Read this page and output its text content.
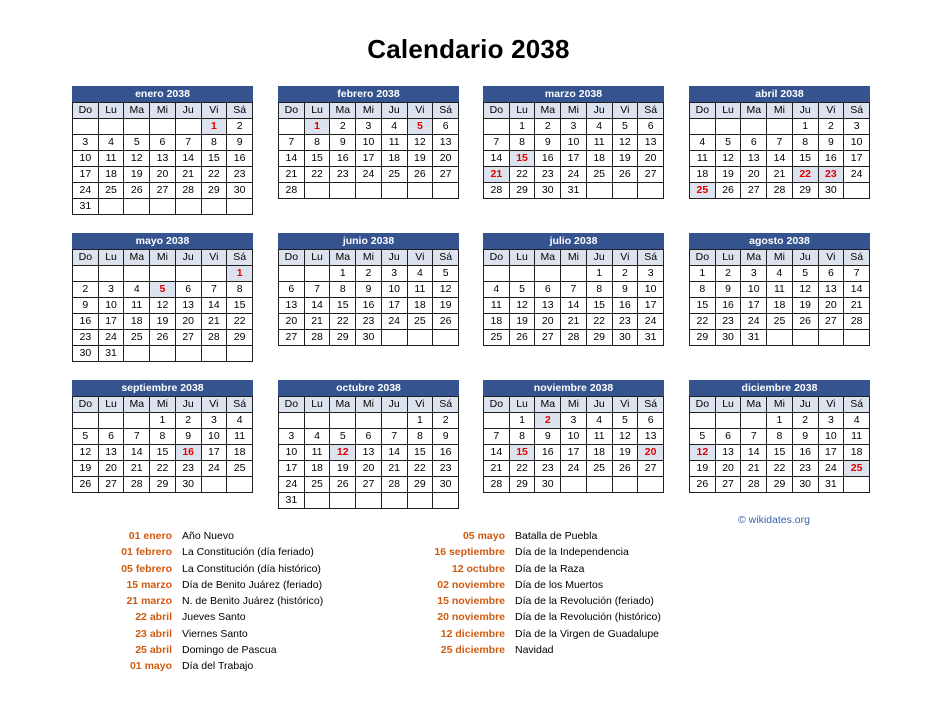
Calendario 2038
enero 2038
Do	Lu	Ma	Mi	Ju	Vi	Sá
					1	2
3	4	5	6	7	8	9
10	11	12	13	14	15	16
17	18	19	20	21	22	23
24	25	26	27	28	29	30
31						
febrero 2038
Do	Lu	Ma	Mi	Ju	Vi	Sá
	1	2	3	4	5	6
7	8	9	10	11	12	13
14	15	16	17	18	19	20
21	22	23	24	25	26	27
28						
marzo 2038
Do	Lu	Ma	Mi	Ju	Vi	Sá
	1	2	3	4	5	6
7	8	9	10	11	12	13
14	15	16	17	18	19	20
21	22	23	24	25	26	27
28	29	30	31			
abril 2038
Do	Lu	Ma	Mi	Ju	Vi	Sá
				1	2	3
4	5	6	7	8	9	10
11	12	13	14	15	16	17
18	19	20	21	22	23	24
25	26	27	28	29	30	
mayo 2038
Do	Lu	Ma	Mi	Ju	Vi	Sá
						1
2	3	4	5	6	7	8
9	10	11	12	13	14	15
16	17	18	19	20	21	22
23	24	25	26	27	28	29
30	31					
junio 2038
Do	Lu	Ma	Mi	Ju	Vi	Sá
		1	2	3	4	5
6	7	8	9	10	11	12
13	14	15	16	17	18	19
20	21	22	23	24	25	26
27	28	29	30			
julio 2038
Do	Lu	Ma	Mi	Ju	Vi	Sá
				1	2	3
4	5	6	7	8	9	10
11	12	13	14	15	16	17
18	19	20	21	22	23	24
25	26	27	28	29	30	31
agosto 2038
Do	Lu	Ma	Mi	Ju	Vi	Sá
1	2	3	4	5	6	7
8	9	10	11	12	13	14
15	16	17	18	19	20	21
22	23	24	25	26	27	28
29	30	31				
septiembre 2038
Do	Lu	Ma	Mi	Ju	Vi	Sá
			1	2	3	4
5	6	7	8	9	10	11
12	13	14	15	16	17	18
19	20	21	22	23	24	25
26	27	28	29	30		
octubre 2038
Do	Lu	Ma	Mi	Ju	Vi	Sá
					1	2
3	4	5	6	7	8	9
10	11	12	13	14	15	16
17	18	19	20	21	22	23
24	25	26	27	28	29	30
31						
noviembre 2038
Do	Lu	Ma	Mi	Ju	Vi	Sá
	1	2	3	4	5	6
7	8	9	10	11	12	13
14	15	16	17	18	19	20
21	22	23	24	25	26	27
28	29	30				
diciembre 2038
Do	Lu	Ma	Mi	Ju	Vi	Sá
			1	2	3	4
5	6	7	8	9	10	11
12	13	14	15	16	17	18
19	20	21	22	23	24	25
26	27	28	29	30	31	
© wikidates.org
01 enero Año Nuevo
01 febrero La Constitución (día feriado)
05 febrero La Constitución (día histórico)
15 marzo Día de Benito Juárez (feriado)
21 marzo N. de Benito Juárez (histórico)
22 abril Jueves Santo
23 abril Viernes Santo
25 abril Domingo de Pascua
01 mayo Día del Trabajo
05 mayo Batalla de Puebla
16 septiembre Día de la Independencia
12 octubre Día de la Raza
02 noviembre Día de los Muertos
15 noviembre Día de la Revolución (feriado)
20 noviembre Día de la Revolución (histórico)
12 diciembre Día de la Virgen de Guadalupe
25 diciembre Navidad
